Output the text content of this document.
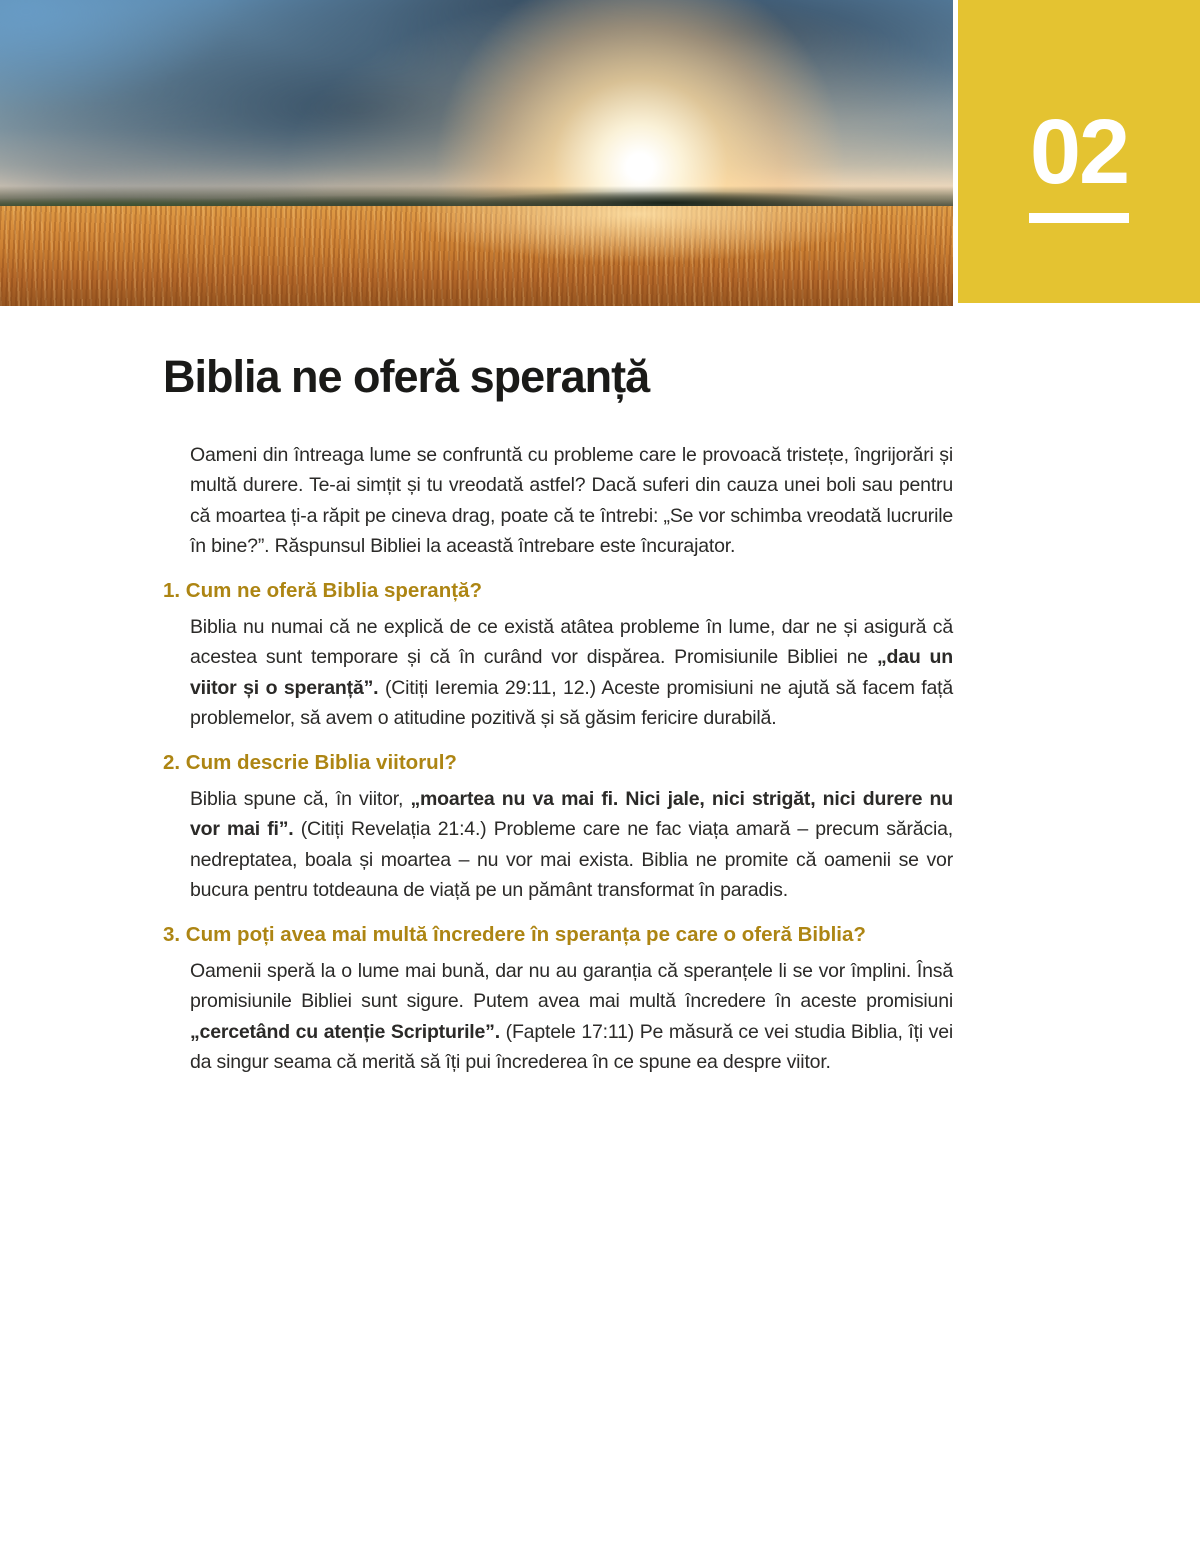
02
Biblia ne oferă speranță

Oameni din întreaga lume se confruntă cu probleme care le provoacă tristețe, îngrijorări și multă durere. Te-ai simțit și tu vreodată astfel? Dacă suferi din cauza unei boli sau pentru că moartea ți-a răpit pe cineva drag, poate că te întrebi: „Se vor schimba vreodată lucrurile în bine?”. Răspunsul Bibliei la această întrebare este încurajator.

1. Cum ne oferă Biblia speranță?

Biblia nu numai că ne explică de ce există atâtea probleme în lume, dar ne și asigură că acestea sunt temporare și că în curând vor dispărea. Promisiunile Bibliei ne „dau un viitor și o speranță”. (Citiți Ieremia 29:11, 12.) Aceste promisiuni ne ajută să facem față problemelor, să avem o atitudine pozitivă și să găsim fericire durabilă.

2. Cum descrie Biblia viitorul?

Biblia spune că, în viitor, „moartea nu va mai fi. Nici jale, nici strigăt, nici durere nu vor mai fi”. (Citiți Revelația 21:4.) Probleme care ne fac viața amară – precum sărăcia, nedreptatea, boala și moartea – nu vor mai exista. Biblia ne promite că oamenii se vor bucura pentru totdeauna de viață pe un pământ transformat în paradis.

3. Cum poți avea mai multă încredere în speranța pe care o oferă Biblia?

Oamenii speră la o lume mai bună, dar nu au garanția că speranțele li se vor împlini. Însă promisiunile Bibliei sunt sigure. Putem avea mai multă încredere în aceste promisiuni „cercetând cu atenție Scripturile”. (Faptele 17:11) Pe măsură ce vei studia Biblia, îți vei da singur seama că merită să îți pui încrederea în ce spune ea despre viitor.
